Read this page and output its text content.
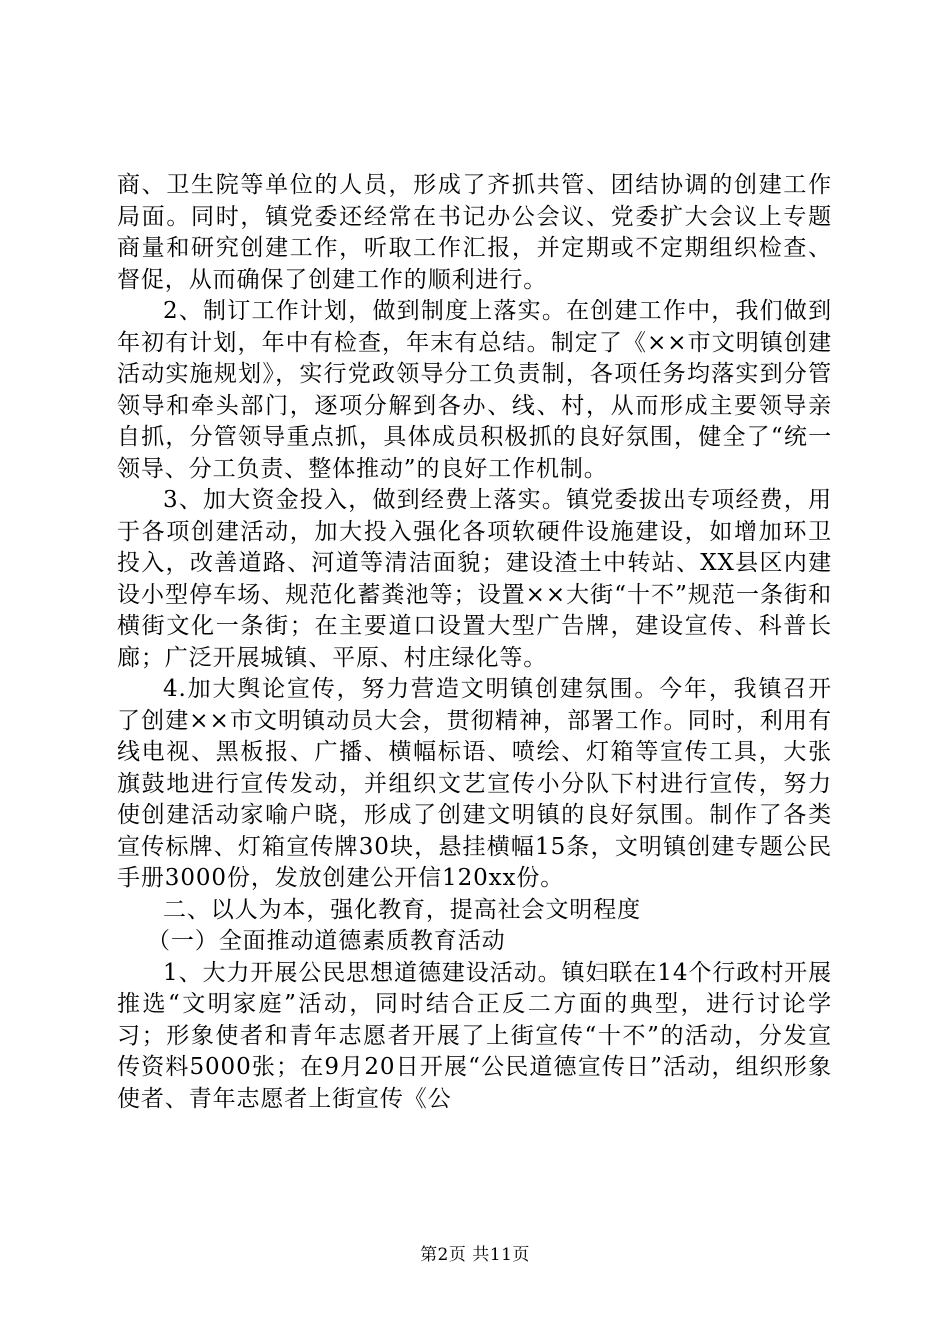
商、卫生院等单位的人员，形成了齐抓共管、团结协调的创建工作局面。同时，镇党委还经常在书记办公会议、党委扩大会议上专题商量和研究创建工作，听取工作汇报，并定期或不定期组织检查、督促，从而确保了创建工作的顺利进行。

2、制订工作计划，做到制度上落实。在创建工作中，我们做到年初有计划，年中有检查，年末有总结。制定了《××市文明镇创建活动实施规划》，实行党政领导分工负责制，各项任务均落实到分管领导和牵头部门，逐项分解到各办、线、村，从而形成主要领导亲自抓，分管领导重点抓，具体成员积极抓的良好氛围，健全了“统一领导、分工负责、整体推动”的良好工作机制。

3、加大资金投入，做到经费上落实。镇党委拔出专项经费，用于各项创建活动，加大投入强化各项软硬件设施建设，如增加环卫投入，改善道路、河道等清洁面貌；建设渣土中转站、XX县区内建设小型停车场、规范化蓄粪池等；设置××大街“十不”规范一条街和横街文化一条街；在主要道口设置大型广告牌，建设宣传、科普长廊；广泛开展城镇、平原、村庄绿化等。

4.加大舆论宣传，努力营造文明镇创建氛围。今年，我镇召开了创建××市文明镇动员大会，贯彻精神，部署工作。同时，利用有线电视、黑板报、广播、横幅标语、喷绘、灯箱等宣传工具，大张旗鼓地进行宣传发动，并组织文艺宣传小分队下村进行宣传，努力使创建活动家喻户晓，形成了创建文明镇的良好氛围。制作了各类宣传标牌、灯箱宣传牌30块，悬挂横幅15条，文明镇创建专题公民手册3000份，发放创建公开信120xx份。

二、以人为本，强化教育，提高社会文明程度

（一）全面推动道德素质教育活动

1、大力开展公民思想道德建设活动。镇妇联在14个行政村开展推选“文明家庭”活动，同时结合正反二方面的典型，进行讨论学习；形象使者和青年志愿者开展了上街宣传“十不”的活动，分发宣传资料5000张；在9月20日开展“公民道德宣传日”活动，组织形象使者、青年志愿者上街宣传《公

第2页 共11页
